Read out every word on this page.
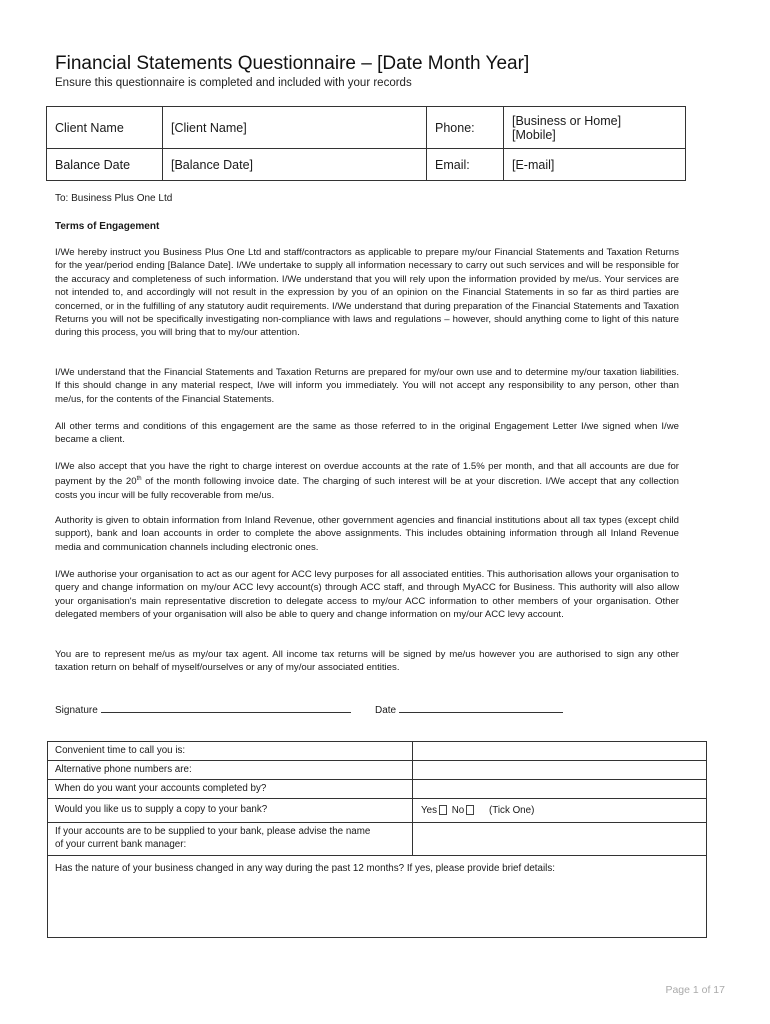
Financial Statements Questionnaire – [Date Month Year]
Ensure this questionnaire is completed and included with your records
Client Name	[Client Name]	Phone:	[Business or Home]
[Mobile]

Balance Date	[Balance Date]	Email:	[E-mail]
To: Business Plus One Ltd
Terms of Engagement
I/We hereby instruct you Business Plus One Ltd and staff/contractors as applicable to prepare my/our Financial Statements and Taxation Returns for the year/period ending [Balance Date]. I/We undertake to supply all information necessary to carry out such services and will be responsible for the accuracy and completeness of such information. I/We understand that you will rely upon the information provided by me/us. Your services are not intended to, and accordingly will not result in the expression by you of an opinion on the Financial Statements in so far as third parties are concerned, or in the fulfilling of any statutory audit requirements. I/We understand that during preparation of the Financial Statements and Taxation Returns you will not be specifically investigating non-compliance with laws and regulations – however, should anything come to light of this nature during this process, you will bring that to my/our attention.
I/We understand that the Financial Statements and Taxation Returns are prepared for my/our own use and to determine my/our taxation liabilities. If this should change in any material respect, I/we will inform you immediately. You will not accept any responsibility to any person, other than me/us, for the contents of the Financial Statements.
All other terms and conditions of this engagement are the same as those referred to in the original Engagement Letter I/we signed when I/we became a client.
I/We also accept that you have the right to charge interest on overdue accounts at the rate of 1.5% per month, and that all accounts are due for payment by the 20th of the month following invoice date. The charging of such interest will be at your discretion. I/We accept that any collection costs you incur will be fully recoverable from me/us.
Authority is given to obtain information from Inland Revenue, other government agencies and financial institutions about all tax types (except child support), bank and loan accounts in order to complete the above assignments. This includes obtaining information through all Inland Revenue media and communication channels including electronic ones.
I/We authorise your organisation to act as our agent for ACC levy purposes for all associated entities. This authorisation allows your organisation to query and change information on my/our ACC levy account(s) through ACC staff, and through MyACC for Business. This authority will also allow your organisation's main representative discretion to delegate access to my/our ACC information to other members of your organisation. Other delegated members of your organisation will also be able to query and change information on my/our ACC levy account.
You are to represent me/us as my/our tax agent. All income tax returns will be signed by me/us however you are authorised to sign any other taxation return on behalf of myself/ourselves or any of my/our associated entities.
Signature	Date
Convenient time to call you is:	
Alternative phone numbers are:	
When do you want your accounts completed by?	
Would you like us to supply a copy to your bank?	Yes No (Tick One)

If your accounts are to be supplied to your bank, please advise the name
of your current bank manager:	

Has the nature of your business changed in any way during the past 12 months? If yes, please provide brief details:	
Page 1 of 17
